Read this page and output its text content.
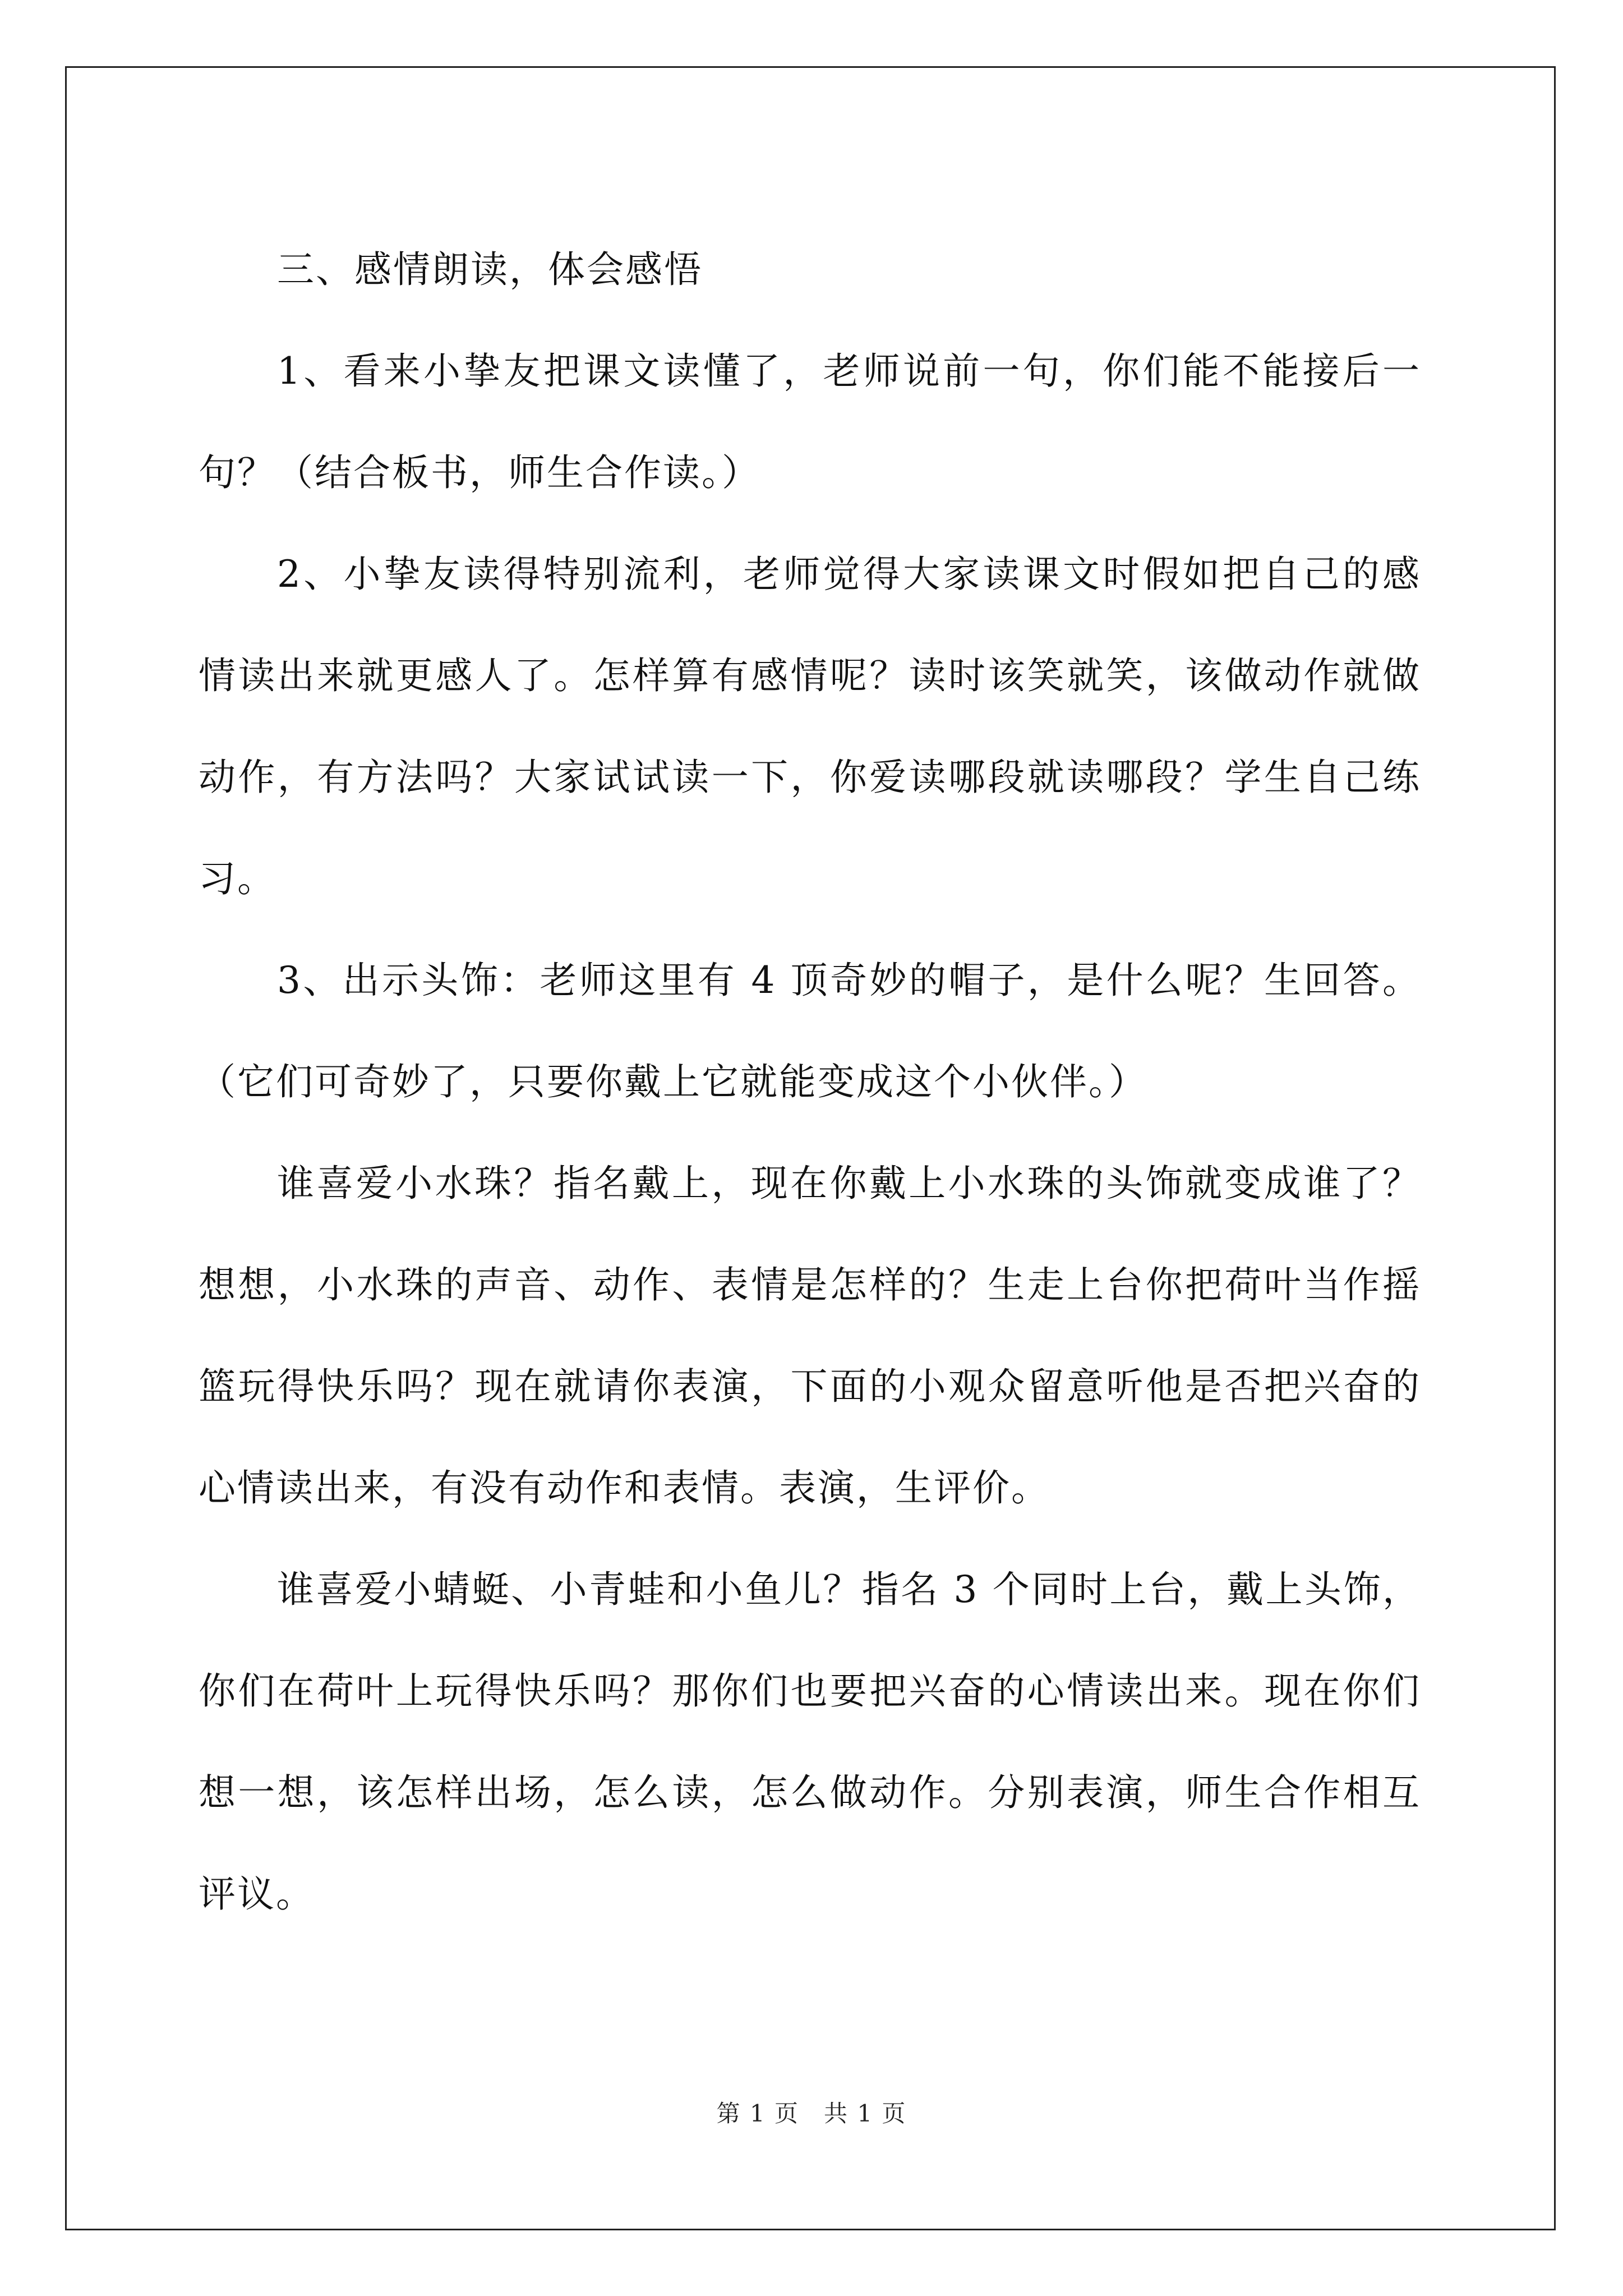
三、感情朗读，体会感悟

1、看来小挚友把课文读懂了，老师说前一句，你们能不能接后一句？（结合板书，师生合作读。）

2、小挚友读得特别流利，老师觉得大家读课文时假如把自己的感情读出来就更感人了。怎样算有感情呢？读时该笑就笑，该做动作就做动作，有方法吗？大家试试读一下，你爱读哪段就读哪段？学生自己练习。

3、出示头饰：老师这里有 4 顶奇妙的帽子，是什么呢？生回答。（它们可奇妙了，只要你戴上它就能变成这个小伙伴。）

谁喜爱小水珠？指名戴上，现在你戴上小水珠的头饰就变成谁了？想想，小水珠的声音、动作、表情是怎样的？生走上台你把荷叶当作摇篮玩得快乐吗？现在就请你表演，下面的小观众留意听他是否把兴奋的心情读出来，有没有动作和表情。表演，生评价。

谁喜爱小蜻蜓、小青蛙和小鱼儿？指名 3 个同时上台，戴上头饰，你们在荷叶上玩得快乐吗？那你们也要把兴奋的心情读出来。现在你们想一想，该怎样出场，怎么读，怎么做动作。分别表演，师生合作相互评议。

第 1 页　共 1 页
